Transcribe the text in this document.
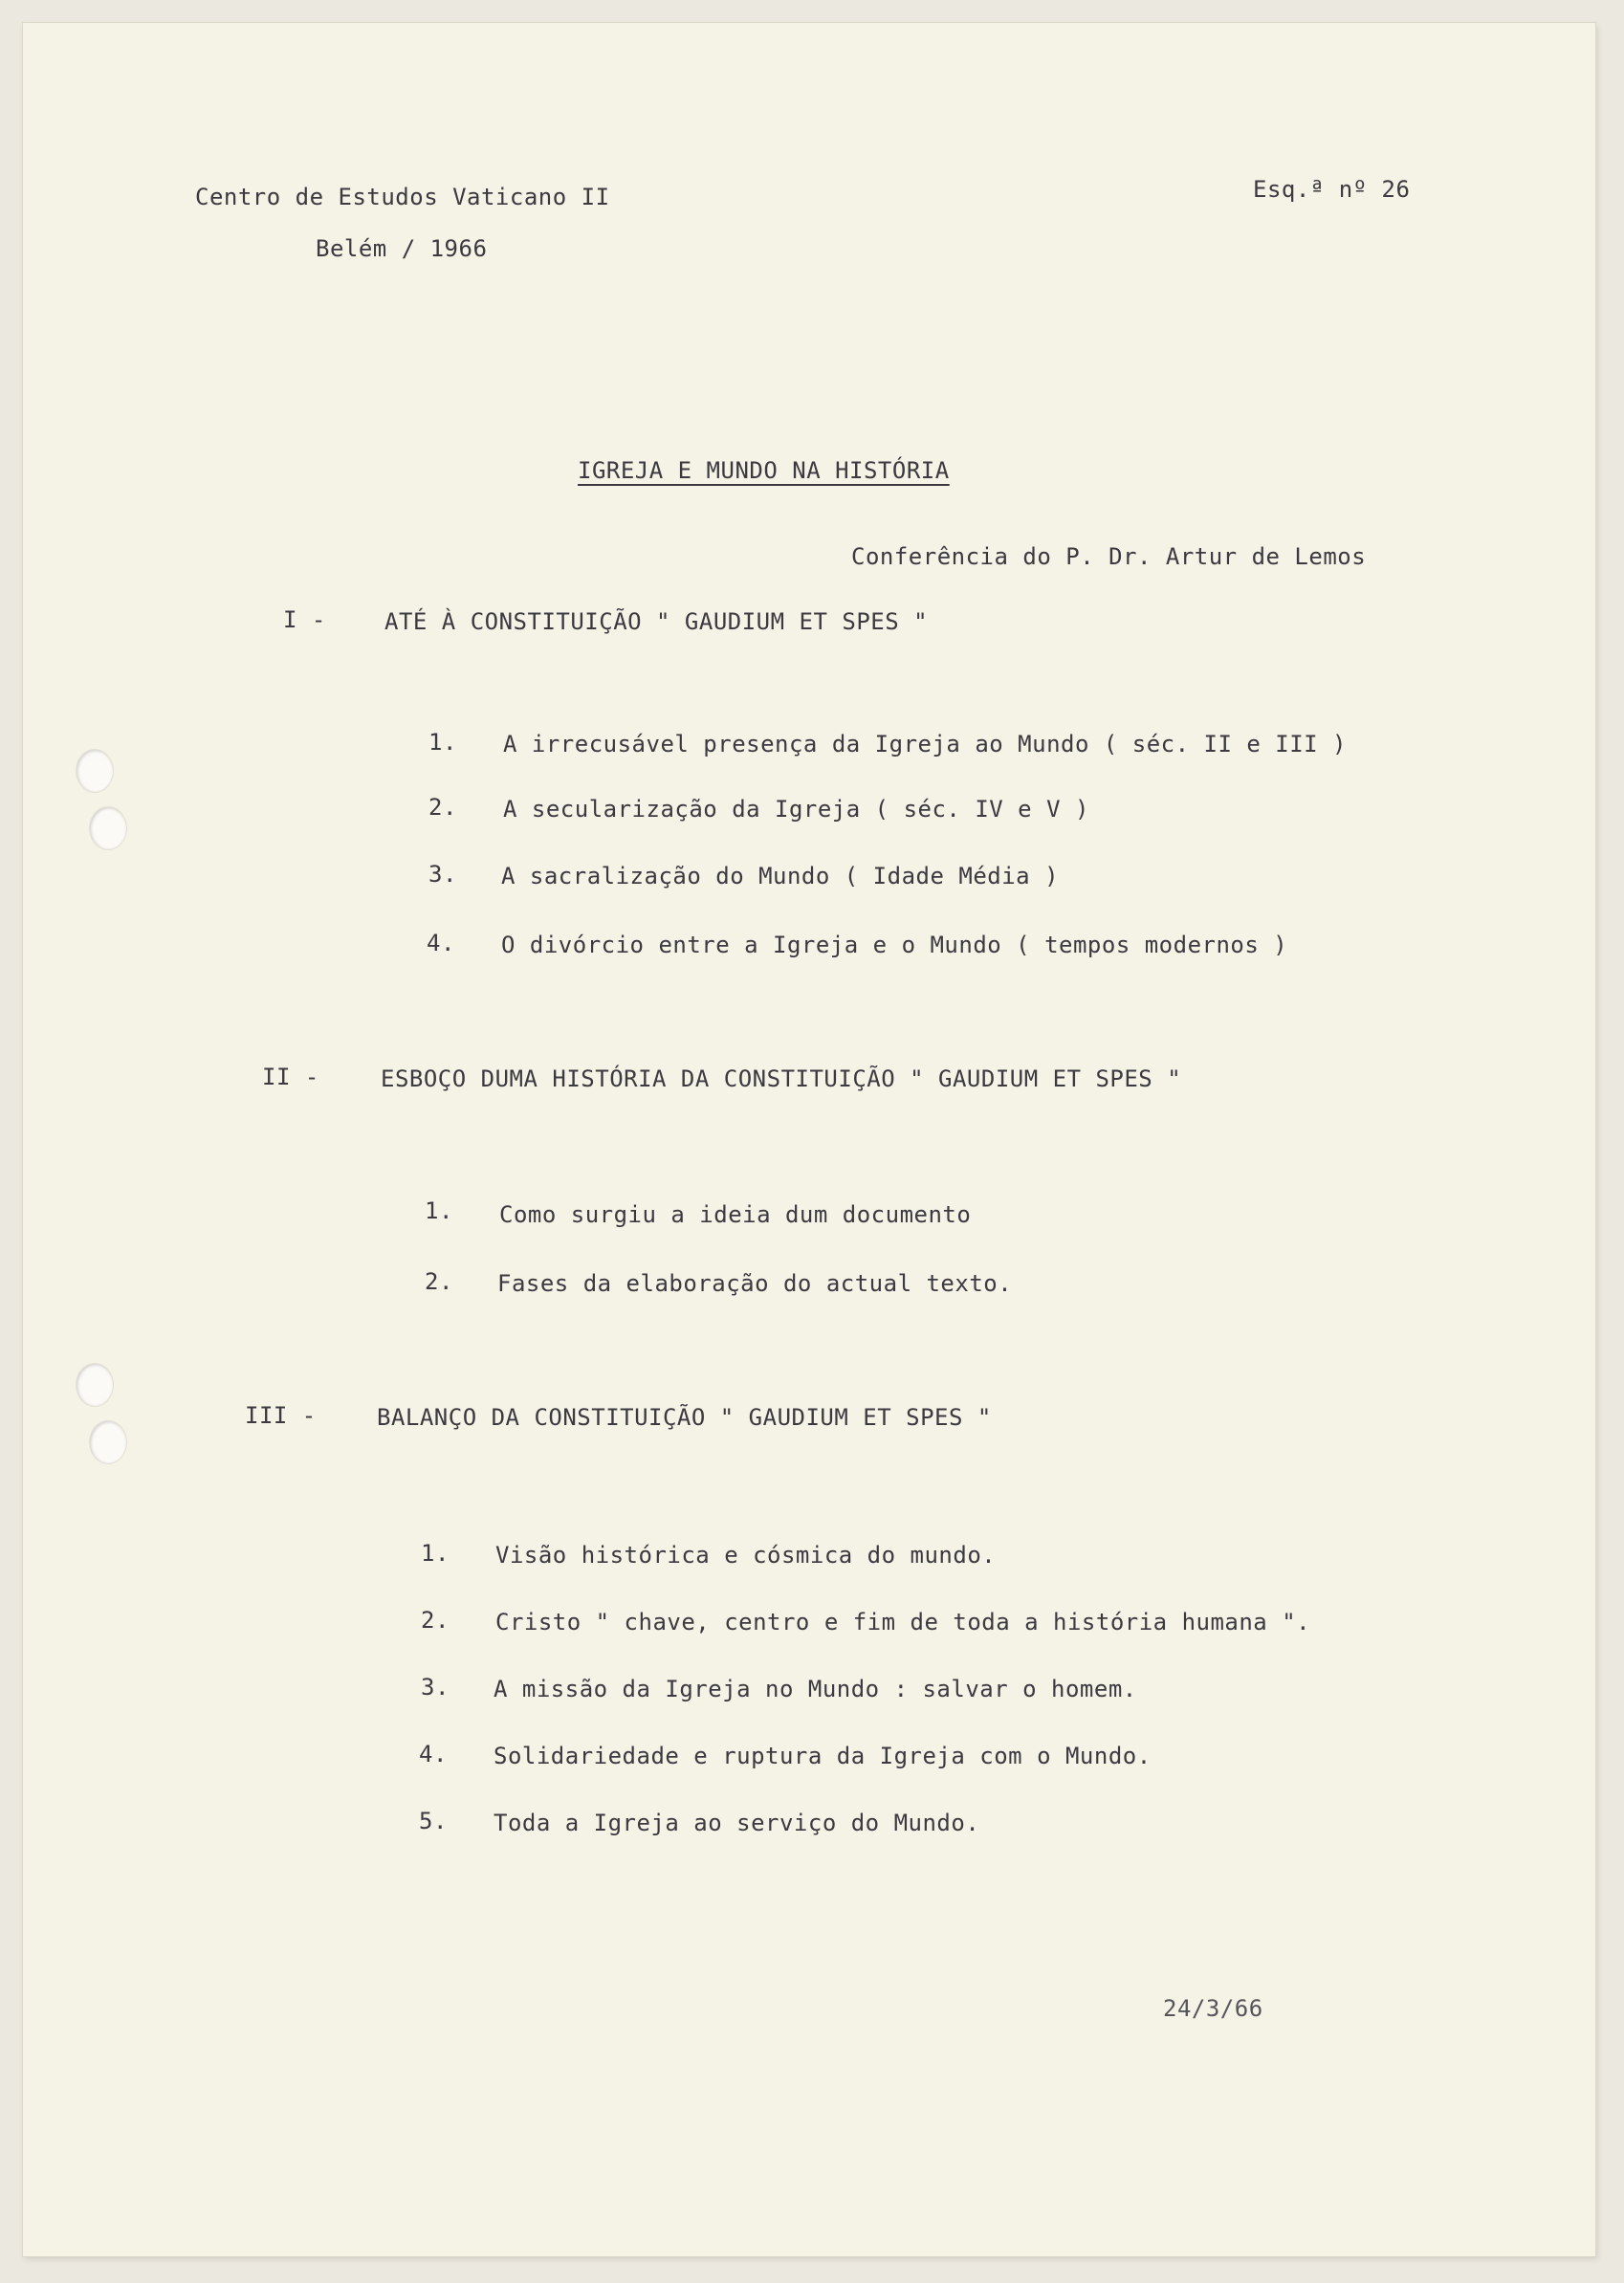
Centro de Estudos Vaticano II
Belém / 1966
Esq.ª nº 26
IGREJA E MUNDO NA HISTÓRIA
Conferência do P. Dr. Artur de Lemos
I -	ATÉ À CONSTITUIÇÃO " GAUDIUM ET SPES "
1. A irrecusável presença da Igreja ao Mundo ( séc. II e III )
2. A secularização da Igreja ( séc. IV e V )
3. A sacralização do Mundo ( Idade Média )
4. O divórcio entre a Igreja e o Mundo ( tempos modernos )
II -	ESBOÇO DUMA HISTÓRIA DA CONSTITUIÇÃO " GAUDIUM ET SPES "
1. Como surgiu a ideia dum documento
2. Fases da elaboração do actual texto.
III -	BALANÇO DA CONSTITUIÇÃO " GAUDIUM ET SPES "
1. Visão histórica e cósmica do mundo.
2. Cristo " chave, centro e fim de toda a história humana ".
3. A missão da Igreja no Mundo : salvar o homem.
4. Solidariedade e ruptura da Igreja com o Mundo.
5. Toda a Igreja ao serviço do Mundo.
24/3/66
